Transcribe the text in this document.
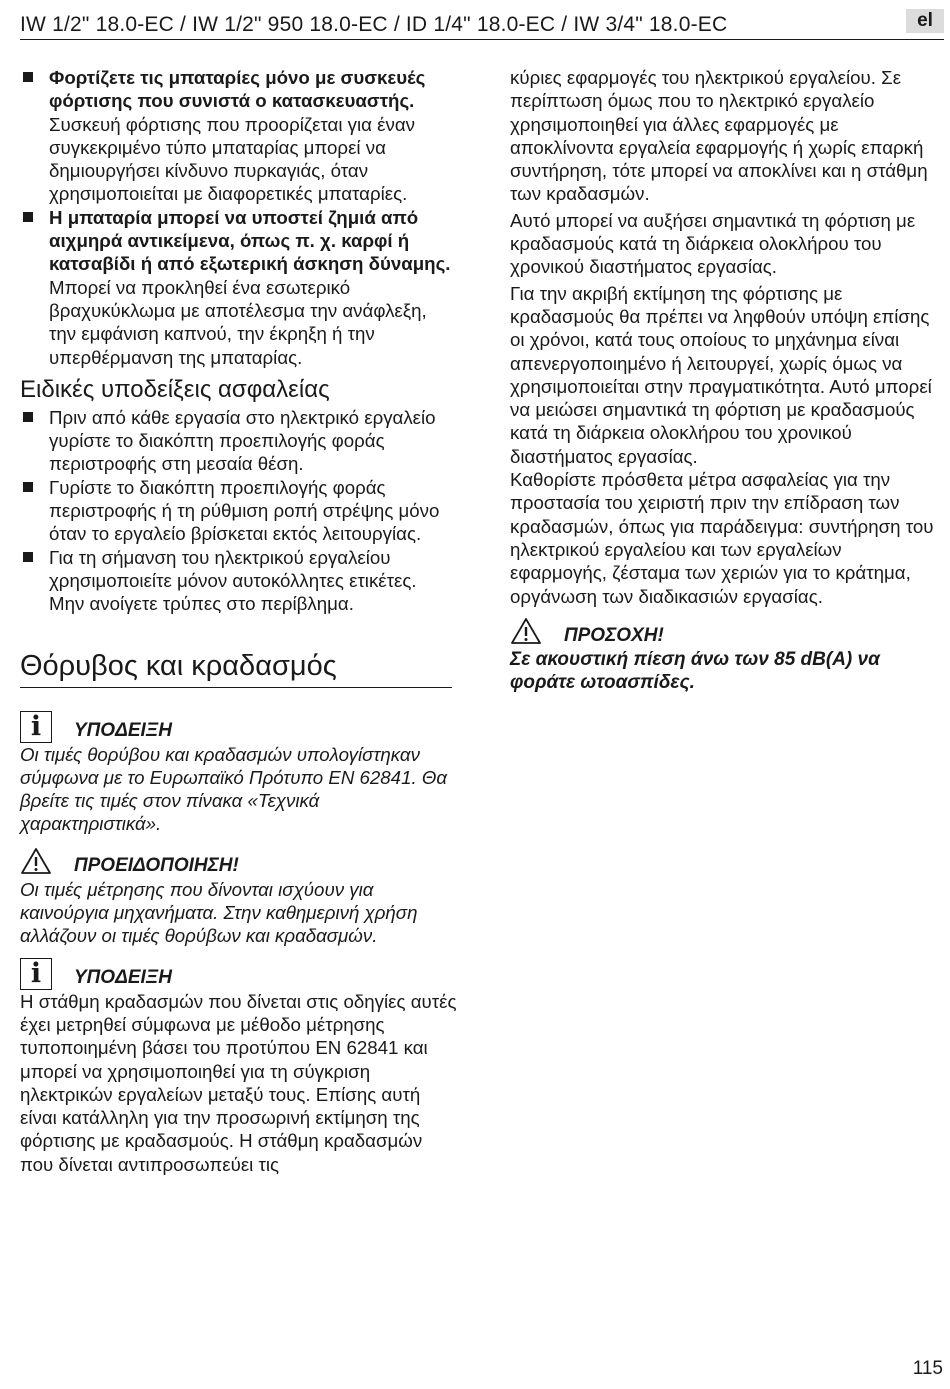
IW 1/2" 18.0-EC / IW 1/2" 950 18.0-EC / ID 1/4" 18.0-EC / IW 3/4" 18.0-EC	el
Φορτίζετε τις μπαταρίες μόνο με συσκευές φόρτισης που συνιστά ο κατασκευαστής.
Συσκευή φόρτισης που προορίζεται για έναν συγκεκριμένο τύπο μπαταρίας μπορεί να δημιουργήσει κίνδυνο πυρκαγιάς, όταν χρησιμοποιείται με διαφορετικές μπαταρίες.
Η μπαταρία μπορεί να υποστεί ζημιά από αιχμηρά αντικείμενα, όπως π. χ. καρφί ή κατσαβίδι ή από εξωτερική άσκηση δύναμης. Μπορεί να προκληθεί ένα εσωτερικό βραχυκύκλωμα με αποτέλεσμα την ανάφλεξη, την εμφάνιση καπνού, την έκρηξη ή την υπερθέρμανση της μπαταρίας.
Ειδικές υποδείξεις ασφαλείας
Πριν από κάθε εργασία στο ηλεκτρικό εργαλείο γυρίστε το διακόπτη προεπιλογής φοράς περιστροφής στη μεσαία θέση.
Γυρίστε το διακόπτη προεπιλογής φοράς περιστροφής ή τη ρύθμιση ροπή στρέψης μόνο όταν το εργαλείο βρίσκεται εκτός λειτουργίας.
Για τη σήμανση του ηλεκτρικού εργαλείου χρησιμοποιείτε μόνον αυτοκόλλητες ετικέτες.
Μην ανοίγετε τρύπες στο περίβλημα.
Θόρυβος και κραδασμός
i	ΥΠΟΔΕΙΞΗ
Οι τιμές θορύβου και κραδασμών υπολογίστηκαν σύμφωνα με το Ευρωπαϊκό Πρότυπο EN 62841. Θα βρείτε τις τιμές στον πίνακα «Τεχνικά χαρακτηριστικά».
ΠΡΟΕΙΔΟΠΟΙΗΣΗ!
Οι τιμές μέτρησης που δίνονται ισχύουν για καινούργια μηχανήματα. Στην καθημερινή χρήση αλλάζουν οι τιμές θορύβων και κραδασμών.
i	ΥΠΟΔΕΙΞΗ
Η στάθμη κραδασμών που δίνεται στις οδηγίες αυτές έχει μετρηθεί σύμφωνα με μέθοδο μέτρησης τυποποιημένη βάσει του προτύπου EN 62841 και μπορεί να χρησιμοποιηθεί για τη σύγκριση ηλεκτρικών εργαλείων μεταξύ τους. Επίσης αυτή είναι κατάλληλη για την προσωρινή εκτίμηση της φόρτισης με κραδασμούς. Η στάθμη κραδασμών που δίνεται αντιπροσωπεύει τις

κύριες εφαρμογές του ηλεκτρικού εργαλείου. Σε περίπτωση όμως που το ηλεκτρικό εργαλείο χρησιμοποιηθεί για άλλες εφαρμογές με αποκλίνοντα εργαλεία εφαρμογής ή χωρίς επαρκή συντήρηση, τότε μπορεί να αποκλίνει και η στάθμη των κραδασμών.

Αυτό μπορεί να αυξήσει σημαντικά τη φόρτιση με κραδασμούς κατά τη διάρκεια ολοκλήρου του χρονικού διαστήματος εργασίας.

Για την ακριβή εκτίμηση της φόρτισης με κραδασμούς θα πρέπει να ληφθούν υπόψη επίσης οι χρόνοι, κατά τους οποίους το μηχάνημα είναι απενεργοποιημένο ή λειτουργεί, χωρίς όμως να χρησιμοποιείται στην πραγματικότητα. Αυτό μπορεί να μειώσει σημαντικά τη φόρτιση με κραδασμούς κατά τη διάρκεια ολοκλήρου του χρονικού διαστήματος εργασίας.

Καθορίστε πρόσθετα μέτρα ασφαλείας για την προστασία του χειριστή πριν την επίδραση των κραδασμών, όπως για παράδειγμα: συντήρηση του ηλεκτρικού εργαλείου και των εργαλείων εφαρμογής, ζέσταμα των χεριών για το κράτημα, οργάνωση των διαδικασιών εργασίας.

ΠΡΟΣΟΧΗ!
Σε ακουστική πίεση άνω των 85 dB(A) να φοράτε ωτοασπίδες.
115
